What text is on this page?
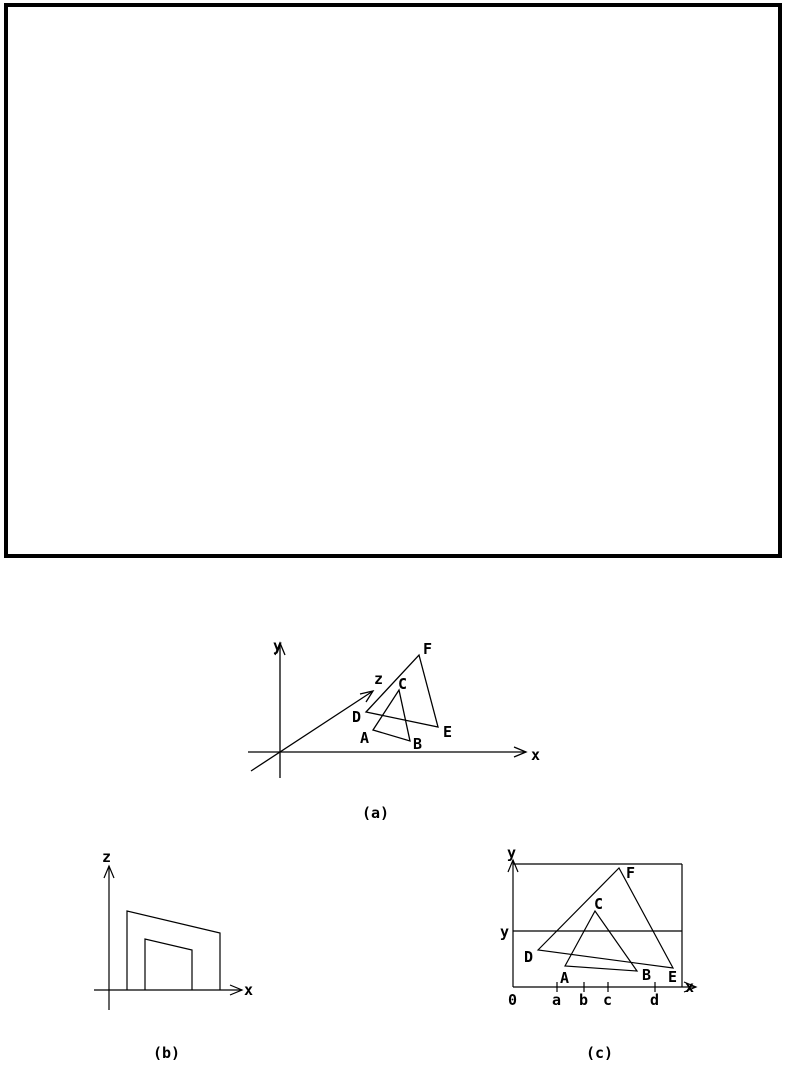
y
x
z
F
C
D
E
A	B
(a)
z
x
(b)
y
y
x
0 a b c	d
F
C
D
A	B E
(c)
